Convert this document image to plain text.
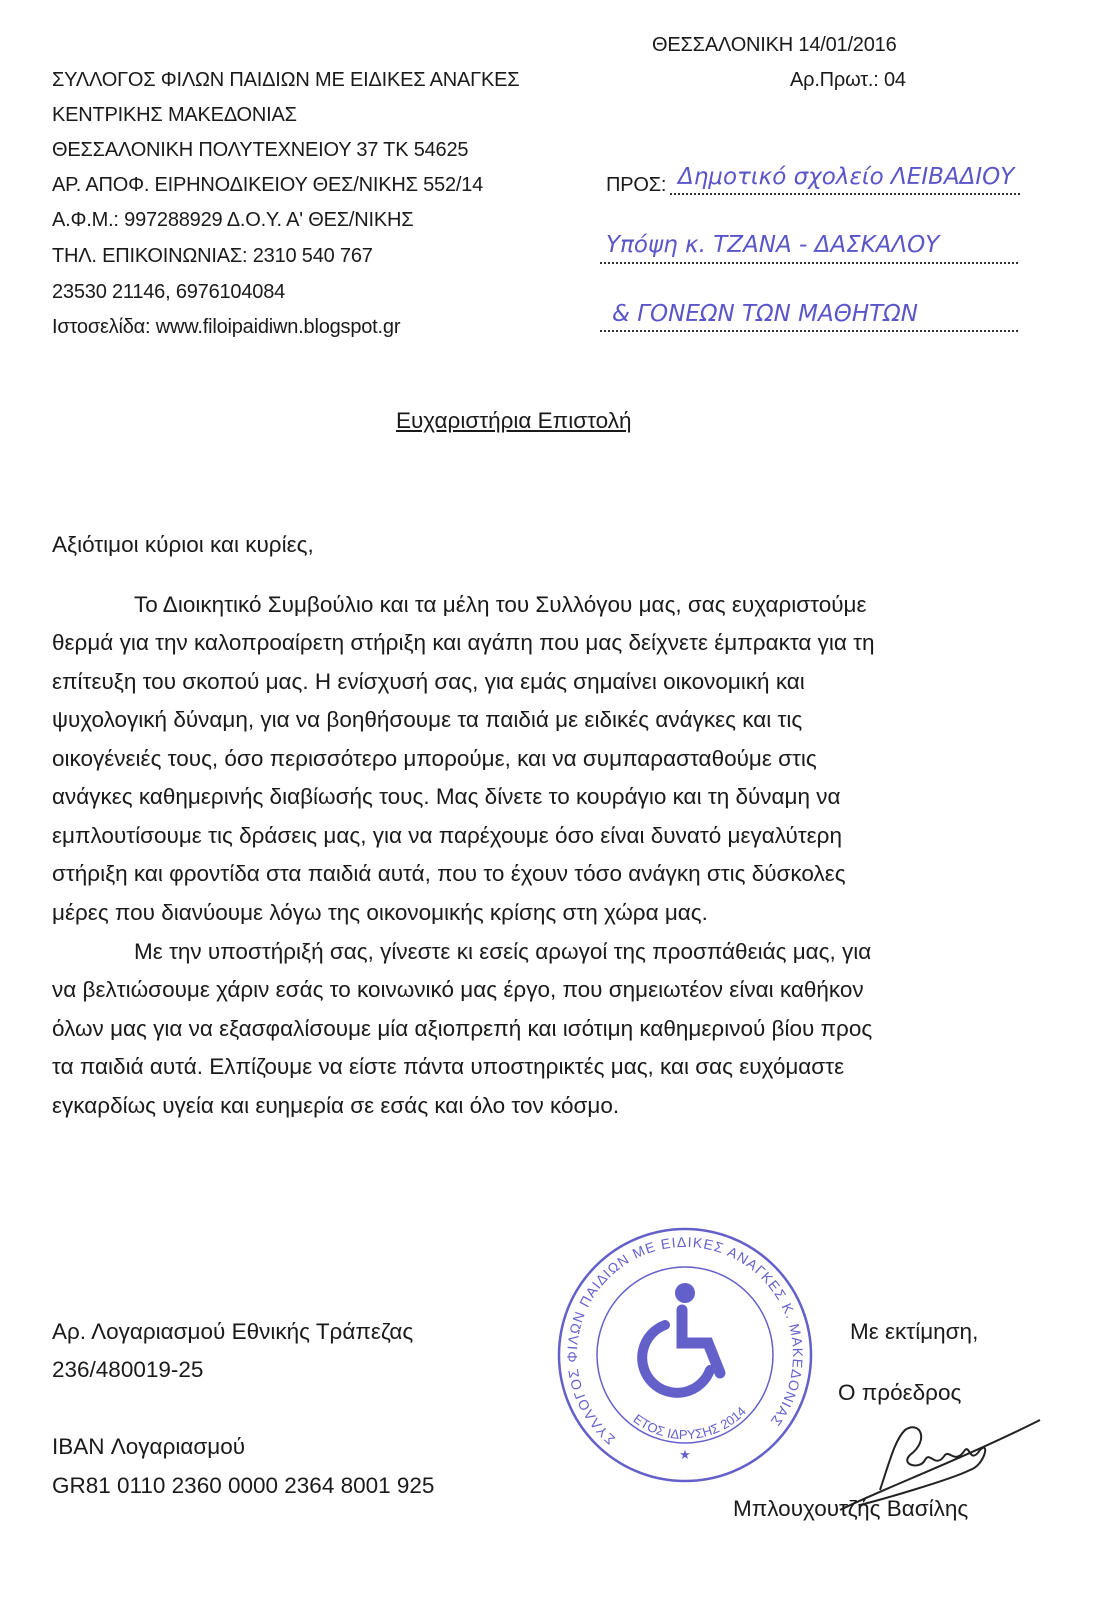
ΘΕΣΣΑΛΟΝΙΚΗ 14/01/2016
Αρ.Πρωτ.: 04
ΣΥΛΛΟΓΟΣ ΦΙΛΩΝ ΠΑΙΔΙΩΝ ΜΕ ΕΙΔΙΚΕΣ ΑΝΑΓΚΕΣ
ΚΕΝΤΡΙΚΗΣ ΜΑΚΕΔΟΝΙΑΣ
ΘΕΣΣΑΛΟΝΙΚΗ ΠΟΛΥΤΕΧΝΕΙΟΥ 37 ΤΚ 54625
ΑΡ. ΑΠΟΦ. ΕΙΡΗΝΟΔΙΚΕΙΟΥ ΘΕΣ/ΝΙΚΗΣ 552/14
Α.Φ.Μ.: 997288929 Δ.Ο.Υ. Α' ΘΕΣ/ΝΙΚΗΣ
ΤΗΛ. ΕΠΙΚΟΙΝΩΝΙΑΣ: 2310 540 767
23530 21146, 6976104084
Ιστοσελίδα: www.filoipaidiwn.blogspot.gr
ΠΡΟΣ: Δημοτικό σχολείο ΛΕΙΒΑΔΙΟΥ
Υπόψη κ. ΤΖΑΝΑ - ΔΑΣΚΑΛΟΥ
& ΓΟΝΕΩΝ ΤΩΝ ΜΑΘΗΤΩΝ
Ευχαριστήρια Επιστολή
Αξιότιμοι κύριοι και κυρίες,
Το Διοικητικό Συμβούλιο και τα μέλη του Συλλόγου μας, σας ευχαριστούμε
θερμά για την καλοπροαίρετη στήριξη και αγάπη που μας δείχνετε έμπρακτα για τη
επίτευξη του σκοπού μας. Η ενίσχυσή σας, για εμάς σημαίνει οικονομική και
ψυχολογική δύναμη, για να βοηθήσουμε τα παιδιά με ειδικές ανάγκες και τις
οικογένειές τους, όσο περισσότερο μπορούμε, και να συμπαρασταθούμε στις
ανάγκες καθημερινής διαβίωσής τους. Μας δίνετε το κουράγιο και τη δύναμη να
εμπλουτίσουμε τις δράσεις μας, για να παρέχουμε όσο είναι δυνατό μεγαλύτερη
στήριξη και φροντίδα στα παιδιά αυτά, που το έχουν τόσο ανάγκη στις δύσκολες
μέρες που διανύουμε λόγω της οικονομικής κρίσης στη χώρα μας.
Με την υποστήριξή σας, γίνεστε κι εσείς αρωγοί της προσπάθειάς μας, για
να βελτιώσουμε χάριν εσάς το κοινωνικό μας έργο, που σημειωτέον είναι καθήκον
όλων μας για να εξασφαλίσουμε μία αξιοπρεπή και ισότιμη καθημερινού βίου προς
τα παιδιά αυτά. Ελπίζουμε να είστε πάντα υποστηρικτές μας, και σας ευχόμαστε
εγκαρδίως υγεία και ευημερία σε εσάς και όλο τον κόσμο.
Αρ. Λογαριασμού Εθνικής Τράπεζας
236/480019-25
IBAN Λογαριασμού
GR81 0110 2360 0000 2364 8001 925
ΣΥΛΛΟΓΟΣ ΦΙΛΩΝ ΠΑΙΔΙΩΝ ΜΕ ΕΙΔΙΚΕΣ ΑΝΑΓΚΕΣ Κ. ΜΑΚΕΔΟΝΙΑΣ
ΕΤΟΣ ΙΔΡΥΣΗΣ 2014
★
Με εκτίμηση,
Ο πρόεδρος
Μπλουχουτζής Βασίλης
